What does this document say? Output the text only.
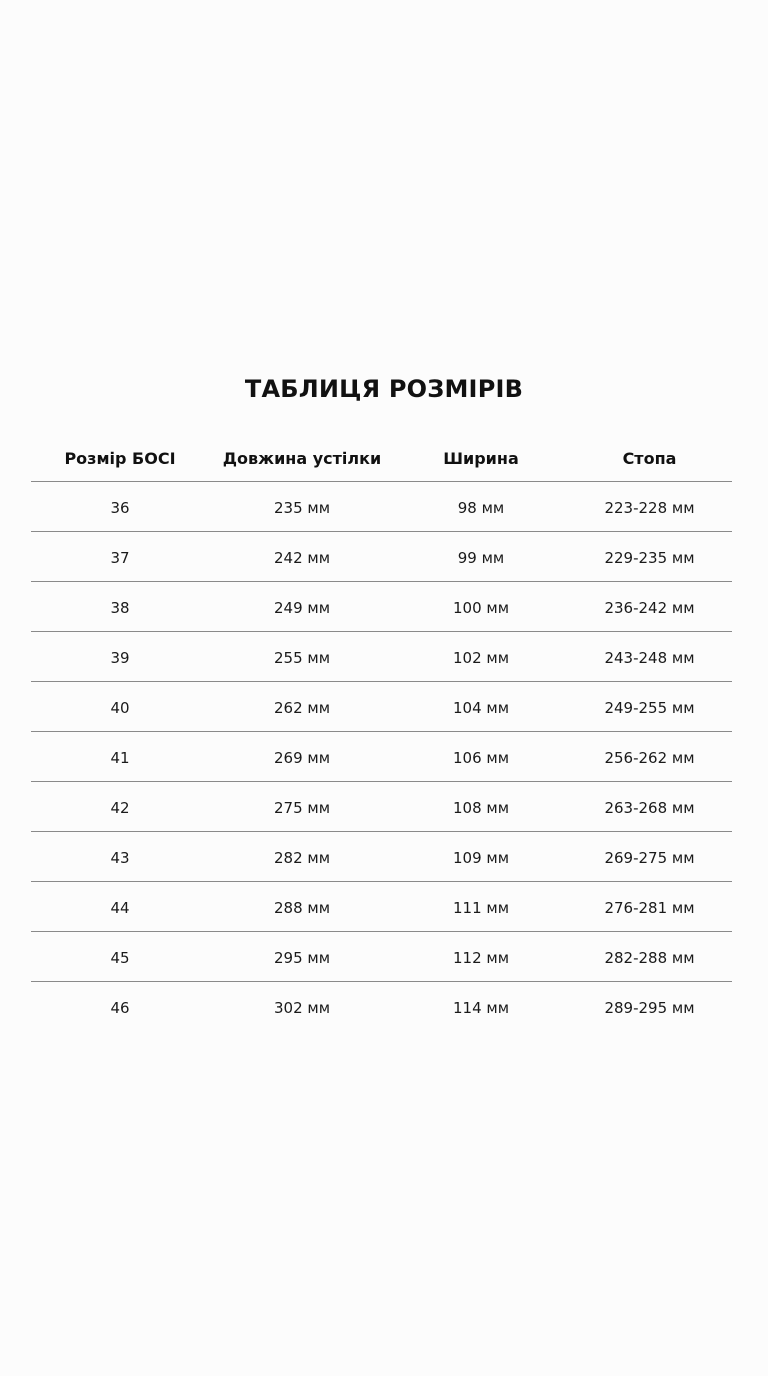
ТАБЛИЦЯ РОЗМІРІВ
Розмір БОСІ	Довжина устілки	Ширина	Стопа
36	235 мм	98 мм	223-228 мм
37	242 мм	99 мм	229-235 мм
38	249 мм	100 мм	236-242 мм
39	255 мм	102 мм	243-248 мм
40	262 мм	104 мм	249-255 мм
41	269 мм	106 мм	256-262 мм
42	275 мм	108 мм	263-268 мм
43	282 мм	109 мм	269-275 мм
44	288 мм	111 мм	276-281 мм
45	295 мм	112 мм	282-288 мм
46	302 мм	114 мм	289-295 мм
